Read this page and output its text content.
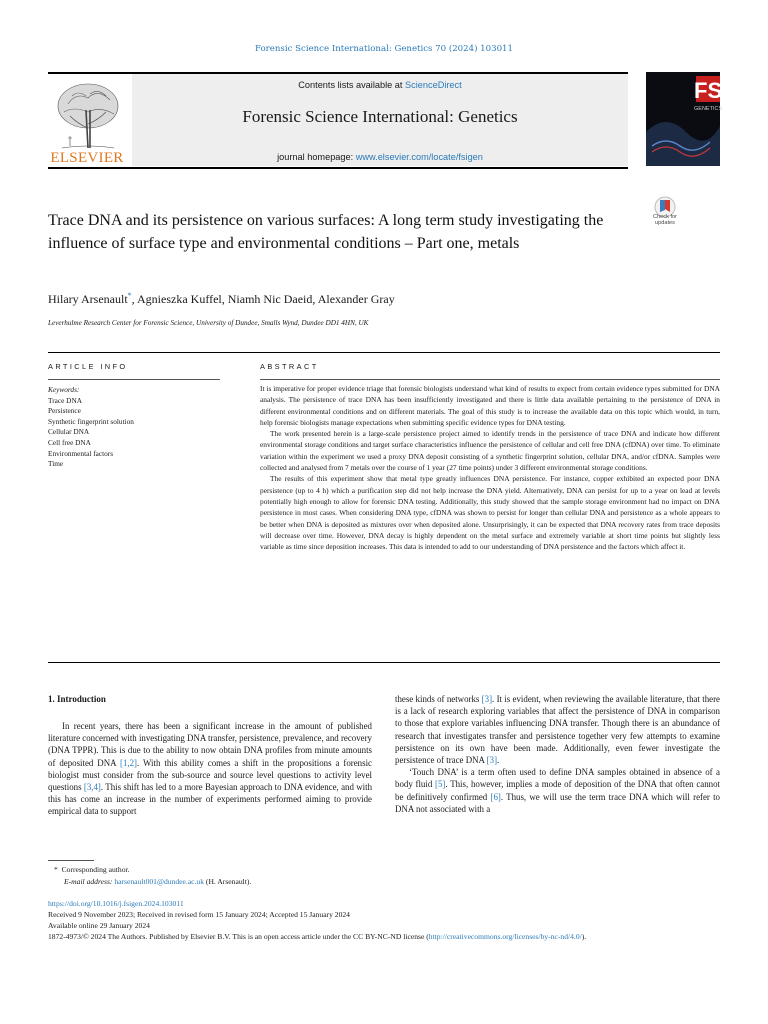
Forensic Science International: Genetics 70 (2024) 103011
ELSEVIER
Contents lists available at ScienceDirect
Forensic Science International: Genetics
journal homepage: www.elsevier.com/locate/fsigen
FSI
GENETICS
Check for
updates
Trace DNA and its persistence on various surfaces: A long term study investigating the influence of surface type and environmental conditions – Part one, metals
Hilary Arsenault*, Agnieszka Kuffel, Niamh Nic Daeid, Alexander Gray
Leverhulme Research Center for Forensic Science, University of Dundee, Smalls Wynd, Dundee DD1 4HN, UK
ARTICLE INFO	ABSTRACT
Keywords:
Trace DNA
Persistence
Synthetic fingerprint solution
Cellular DNA
Cell free DNA
Environmental factors
Time

It is imperative for proper evidence triage that forensic biologists understand what kind of results to expect from certain evidence types submitted for DNA analysis. The persistence of trace DNA has been insufficiently investigated and there is little data available pertaining to the persistence of DNA in different environmental conditions and on different materials. The goal of this study is to increase the available data on this topic which would, in turn, help forensic biologists manage expectations when submitting specific evidence types for DNA testing.

The work presented herein is a large-scale persistence project aimed to identify trends in the persistence of trace DNA and indicate how different environmental storage conditions and target surface characteristics influence the persistence of cellular and cell free DNA (cfDNA) over time. To eliminate variation within the experiment we used a proxy DNA deposit consisting of a synthetic fingerprint solution, cellular DNA, and/or cfDNA. Samples were collected and analysed from 7 metals over the course of 1 year (27 time points) under 3 different environmental storage conditions.

The results of this experiment show that metal type greatly influences DNA persistence. For instance, copper exhibited an expected poor DNA persistence (up to 4 h) which a purification step did not help increase the DNA yield. Alternatively, DNA can persist for up to a year on lead at levels potentially high enough to allow for forensic DNA testing. Additionally, this study showed that the sample storage environment had no impact on DNA persistence in most cases. When considering DNA type, cfDNA was shown to persist for longer than cellular DNA and persistence as a whole appears to be better when DNA is deposited as mixtures over when deposited alone. Unsurprisingly, it can be expected that DNA recovery rates from trace deposits will decrease over time. However, DNA decay is highly dependent on the metal surface and extremely variable at short time points but slightly less variable as time since deposition increases. This data is intended to add to our understanding of DNA persistence and the factors which affect it.

1. Introduction

In recent years, there has been a significant increase in the amount of published literature concerned with investigating DNA transfer, persistence, prevalence, and recovery (DNA TPPR). This is due to the ability to now obtain DNA profiles from minute amounts of deposited DNA [1,2]. With this ability comes a shift in the propositions a forensic biologist must consider from the sub-source and source level questions to activity level questions [3,4]. This shift has led to a more Bayesian approach to DNA evidence, and with this has come an increase in the number of experiments performed aiming to provide empirical data to support

these kinds of networks [3]. It is evident, when reviewing the available literature, that there is a lack of research exploring variables that affect the persistence of DNA in comparison to those that explore variables influencing DNA transfer. Though there is an abundance of research that investigates transfer and persistence together very few attempts to examine persistence on its own have been made. Additionally, even fewer investigate the persistence of trace DNA [3].

‘Touch DNA’ is a term often used to define DNA samples obtained in absence of a body fluid [5]. This, however, implies a mode of deposition of the DNA that often cannot be definitively confirmed [6]. Thus, we will use the term trace DNA which will refer to DNA not associated with a

* Corresponding author.
E-mail address: harsenault001@dundee.ac.uk (H. Arsenault).
https://doi.org/10.1016/j.fsigen.2024.103011
Received 9 November 2023; Received in revised form 15 January 2024; Accepted 15 January 2024
Available online 29 January 2024
1872-4973/© 2024 The Authors. Published by Elsevier B.V. This is an open access article under the CC BY-NC-ND license (http://creativecommons.org/licenses/by-nc-nd/4.0/).
